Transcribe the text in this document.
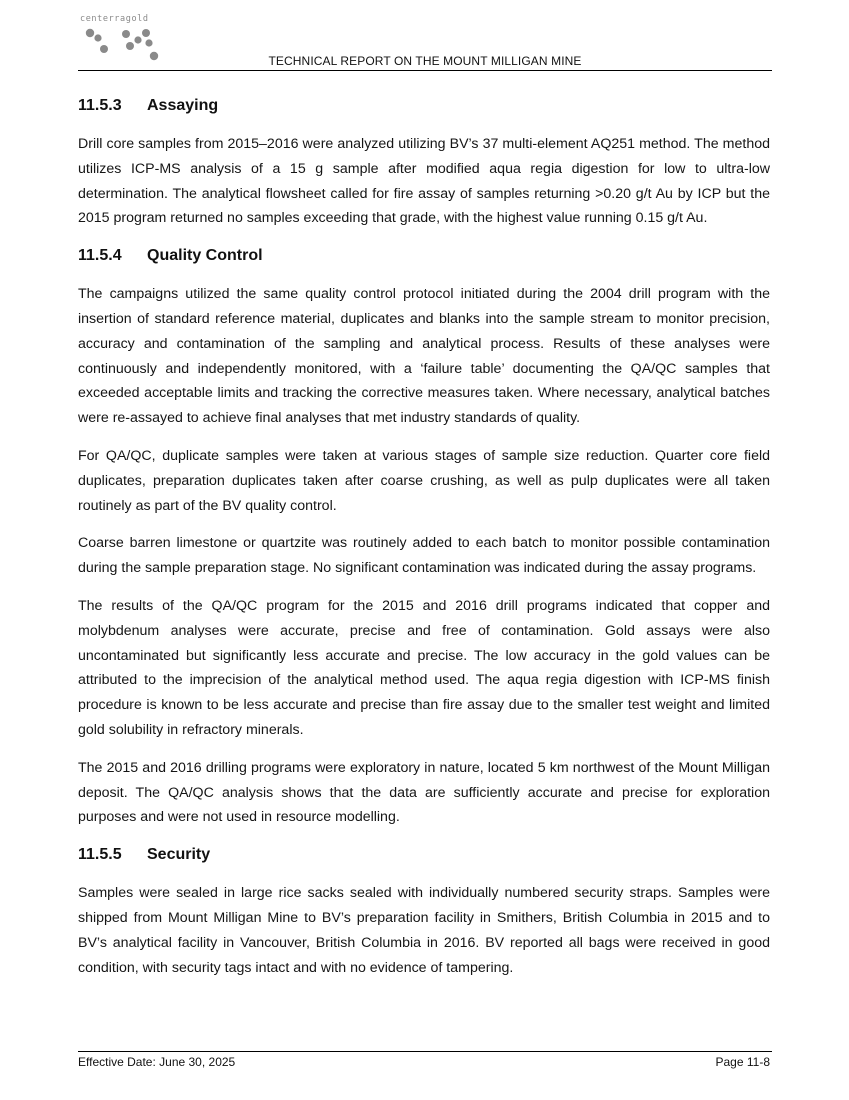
centerragold
TECHNICAL REPORT ON THE MOUNT MILLIGAN MINE
11.5.3 Assaying

Drill core samples from 2015–2016 were analyzed utilizing BV’s 37 multi-element AQ251 method. The method utilizes ICP-MS analysis of a 15 g sample after modified aqua regia digestion for low to ultra-low determination. The analytical flowsheet called for fire assay of samples returning >0.20 g/t Au by ICP but the 2015 program returned no samples exceeding that grade, with the highest value running 0.15 g/t Au.

11.5.4 Quality Control

The campaigns utilized the same quality control protocol initiated during the 2004 drill program with the insertion of standard reference material, duplicates and blanks into the sample stream to monitor precision, accuracy and contamination of the sampling and analytical process. Results of these analyses were continuously and independently monitored, with a ‘failure table’ documenting the QA/QC samples that exceeded acceptable limits and tracking the corrective measures taken. Where necessary, analytical batches were re-assayed to achieve final analyses that met industry standards of quality.

For QA/QC, duplicate samples were taken at various stages of sample size reduction. Quarter core field duplicates, preparation duplicates taken after coarse crushing, as well as pulp duplicates were all taken routinely as part of the BV quality control.

Coarse barren limestone or quartzite was routinely added to each batch to monitor possible contamination during the sample preparation stage. No significant contamination was indicated during the assay programs.

The results of the QA/QC program for the 2015 and 2016 drill programs indicated that copper and molybdenum analyses were accurate, precise and free of contamination. Gold assays were also uncontaminated but significantly less accurate and precise. The low accuracy in the gold values can be attributed to the imprecision of the analytical method used. The aqua regia digestion with ICP-MS finish procedure is known to be less accurate and precise than fire assay due to the smaller test weight and limited gold solubility in refractory minerals.

The 2015 and 2016 drilling programs were exploratory in nature, located 5 km northwest of the Mount Milligan deposit. The QA/QC analysis shows that the data are sufficiently accurate and precise for exploration purposes and were not used in resource modelling.

11.5.5 Security

Samples were sealed in large rice sacks sealed with individually numbered security straps. Samples were shipped from Mount Milligan Mine to BV’s preparation facility in Smithers, British Columbia in 2015 and to BV’s analytical facility in Vancouver, British Columbia in 2016. BV reported all bags were received in good condition, with security tags intact and with no evidence of tampering.

Effective Date: June 30, 2025	Page 11-8
